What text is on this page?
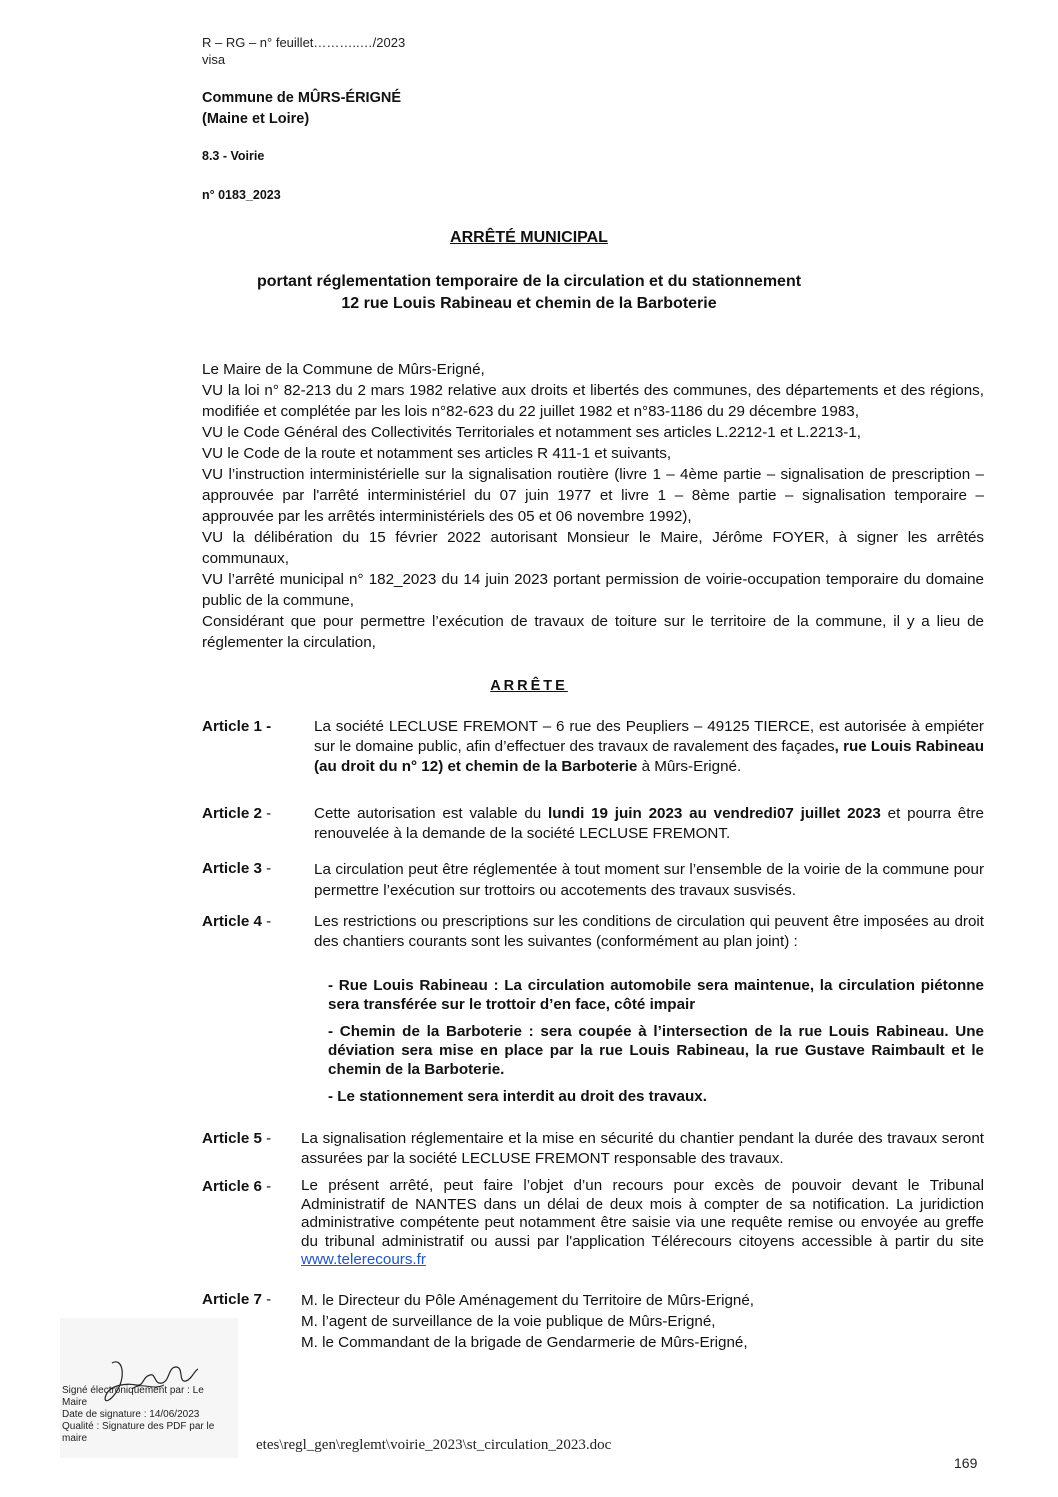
R – RG – n° feuillet………..…/2023
visa
Commune de MÛRS-ÉRIGNÉ
(Maine et Loire)
8.3 - Voirie
n° 0183_2023
ARRÊTÉ MUNICIPAL
portant réglementation temporaire de la circulation et du stationnement
12 rue Louis Rabineau et chemin de la Barboterie

Le Maire de la Commune de Mûrs-Erigné,

VU la loi n° 82-213 du 2 mars 1982 relative aux droits et libertés des communes, des départements et des régions, modifiée et complétée par les lois n°82-623 du 22 juillet 1982 et n°83-1186 du 29 décembre 1983,

VU le Code Général des Collectivités Territoriales et notamment ses articles L.2212-1 et L.2213-1,

VU le Code de la route et notamment ses articles R 411-1 et suivants,

VU l’instruction interministérielle sur la signalisation routière (livre 1 – 4ème partie – signalisation de prescription – approuvée par l'arrêté interministériel du 07 juin 1977 et livre 1 – 8ème partie – signalisation temporaire – approuvée par les arrêtés interministériels des 05 et 06 novembre 1992),

VU la délibération du 15 février 2022 autorisant Monsieur le Maire, Jérôme FOYER, à signer les arrêtés communaux,

VU l’arrêté municipal n° 182_2023 du 14 juin 2023 portant permission de voirie-occupation temporaire du domaine public de la commune,

Considérant que pour permettre l’exécution de travaux de toiture sur le territoire de la commune, il y a lieu de réglementer la circulation,

ARRÊTE
Article 1 -	La société LECLUSE FREMONT – 6 rue des Peupliers – 49125 TIERCE, est autorisée à empiéter sur le domaine public, afin d’effectuer des travaux de ravalement des façades, rue Louis Rabineau (au droit du n° 12) et chemin de la Barboterie à Mûrs-Erigné.

Article 2 -	Cette autorisation est valable du lundi 19 juin 2023 au vendredi07 juillet 2023 et pourra être renouvelée à la demande de la société LECLUSE FREMONT.

Article 3 -	La circulation peut être réglementée à tout moment sur l’ensemble de la voirie de la commune pour permettre l’exécution sur trottoirs ou accotements des travaux susvisés.
Article 4 -	Les restrictions ou prescriptions sur les conditions de circulation qui peuvent être imposées au droit des chantiers courants sont les suivantes (conformément au plan joint) :

- Rue Louis Rabineau : La circulation automobile sera maintenue, la circulation piétonne sera transférée sur le trottoir d’en face, côté impair

- Chemin de la Barboterie : sera coupée à l’intersection de la rue Louis Rabineau. Une déviation sera mise en place par la rue Louis Rabineau, la rue Gustave Raimbault et le chemin de la Barboterie.

- Le stationnement sera interdit au droit des travaux.

Article 5 - La signalisation réglementaire et la mise en sécurité du chantier pendant la durée des travaux seront assurées par la société LECLUSE FREMONT responsable des travaux.
Article 6 - Le présent arrêté, peut faire l’objet d’un recours pour excès de pouvoir devant le Tribunal Administratif de NANTES dans un délai de deux mois à compter de sa notification. La juridiction administrative compétente peut notamment être saisie via une requête remise ou envoyée au greffe du tribunal administratif ou aussi par l'application Télérecours citoyens accessible à partir du site www.telerecours.fr

Article 7 - M. le Directeur du Pôle Aménagement du Territoire de Mûrs-Erigné,

M. l’agent de surveillance de la voie publique de Mûrs-Erigné,

M. le Commandant de la brigade de Gendarmerie de Mûrs-Erigné,

Signé électroniquement par : Le Maire
Date de signature : 14/06/2023
Qualité : Signature des PDF par le maire	etes\regl_gen\reglemt\voirie_2023\st_circulation_2023.doc
169
